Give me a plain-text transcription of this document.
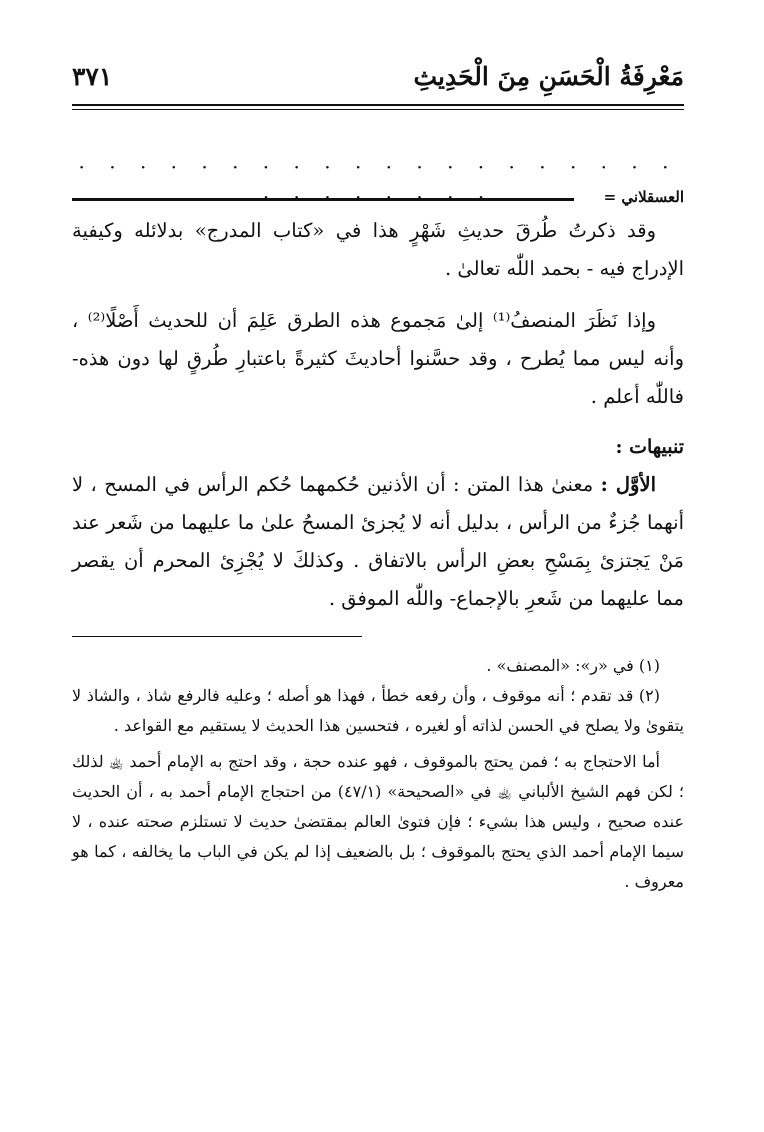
مَعْرِفَةُ الْحَسَنِ مِنَ الْحَدِيثِ
٣٧١
· · · · · · · · · · · · · · · · · · · · · · · · · · · ·	العسقلاني =

وقد ذكرتُ طُرقَ حديثِ شَهْرٍ هذا في «كتاب المدرج» بدلائله وكيفية الإدراج فيه - بحمد اللّٰه تعالىٰ .

وإذا نَظَرَ المنصفُ⁽¹⁾ إلىٰ مَجموع هذه الطرق عَلِمَ أن للحديث أَصْلًا⁽²⁾ ، وأنه ليس مما يُطرح ، وقد حسَّنوا أحاديثَ كثيرةً باعتبارِ طُرقٍ لها دون هذه- فاللّٰه أعلم .

تنبيهات :

الأوَّل : معنىٰ هذا المتن : أن الأذنين حُكمهما حُكم الرأس في المسح ، لا أنهما جُزءٌ من الرأس ، بدليل أنه لا يُجزئ المسحُ علىٰ ما عليهما من شَعر عند مَنْ يَجتزئ بِمَسْحِ بعضِ الرأس بالاتفاق . وكذلكَ لا يُجْزِئ المحرم أن يقصر مما عليهما من شَعرِ بالإجماع- واللّٰه الموفق .

(١) في «ر»: «المصنف» .

(٢) قد تقدم ؛ أنه موقوف ، وأن رفعه خطأ ، فهذا هو أصله ؛ وعليه فالرفع شاذ ، والشاذ لا يتقوىٰ ولا يصلح في الحسن لذاته أو لغيره ، فتحسين هذا الحديث لا يستقيم مع القواعد .

أما الاحتجاج به ؛ فمن يحتج بالموقوف ، فهو عنده حجة ، وقد احتج به الإمام أحمد ﵀ لذلك ؛ لكن فهم الشيخ الألباني ﵀ في «الصحيحة» (٤٧/١) من احتجاج الإمام أحمد به ، أن الحديث عنده صحيح ، وليس هذا بشيء ؛ فإن فتوىٰ العالم بمقتضىٰ حديث لا تستلزم صحته عنده ، لا سيما الإمام أحمد الذي يحتج بالموقوف ؛ بل بالضعيف إذا لم يكن في الباب ما يخالفه ، كما هو معروف .
